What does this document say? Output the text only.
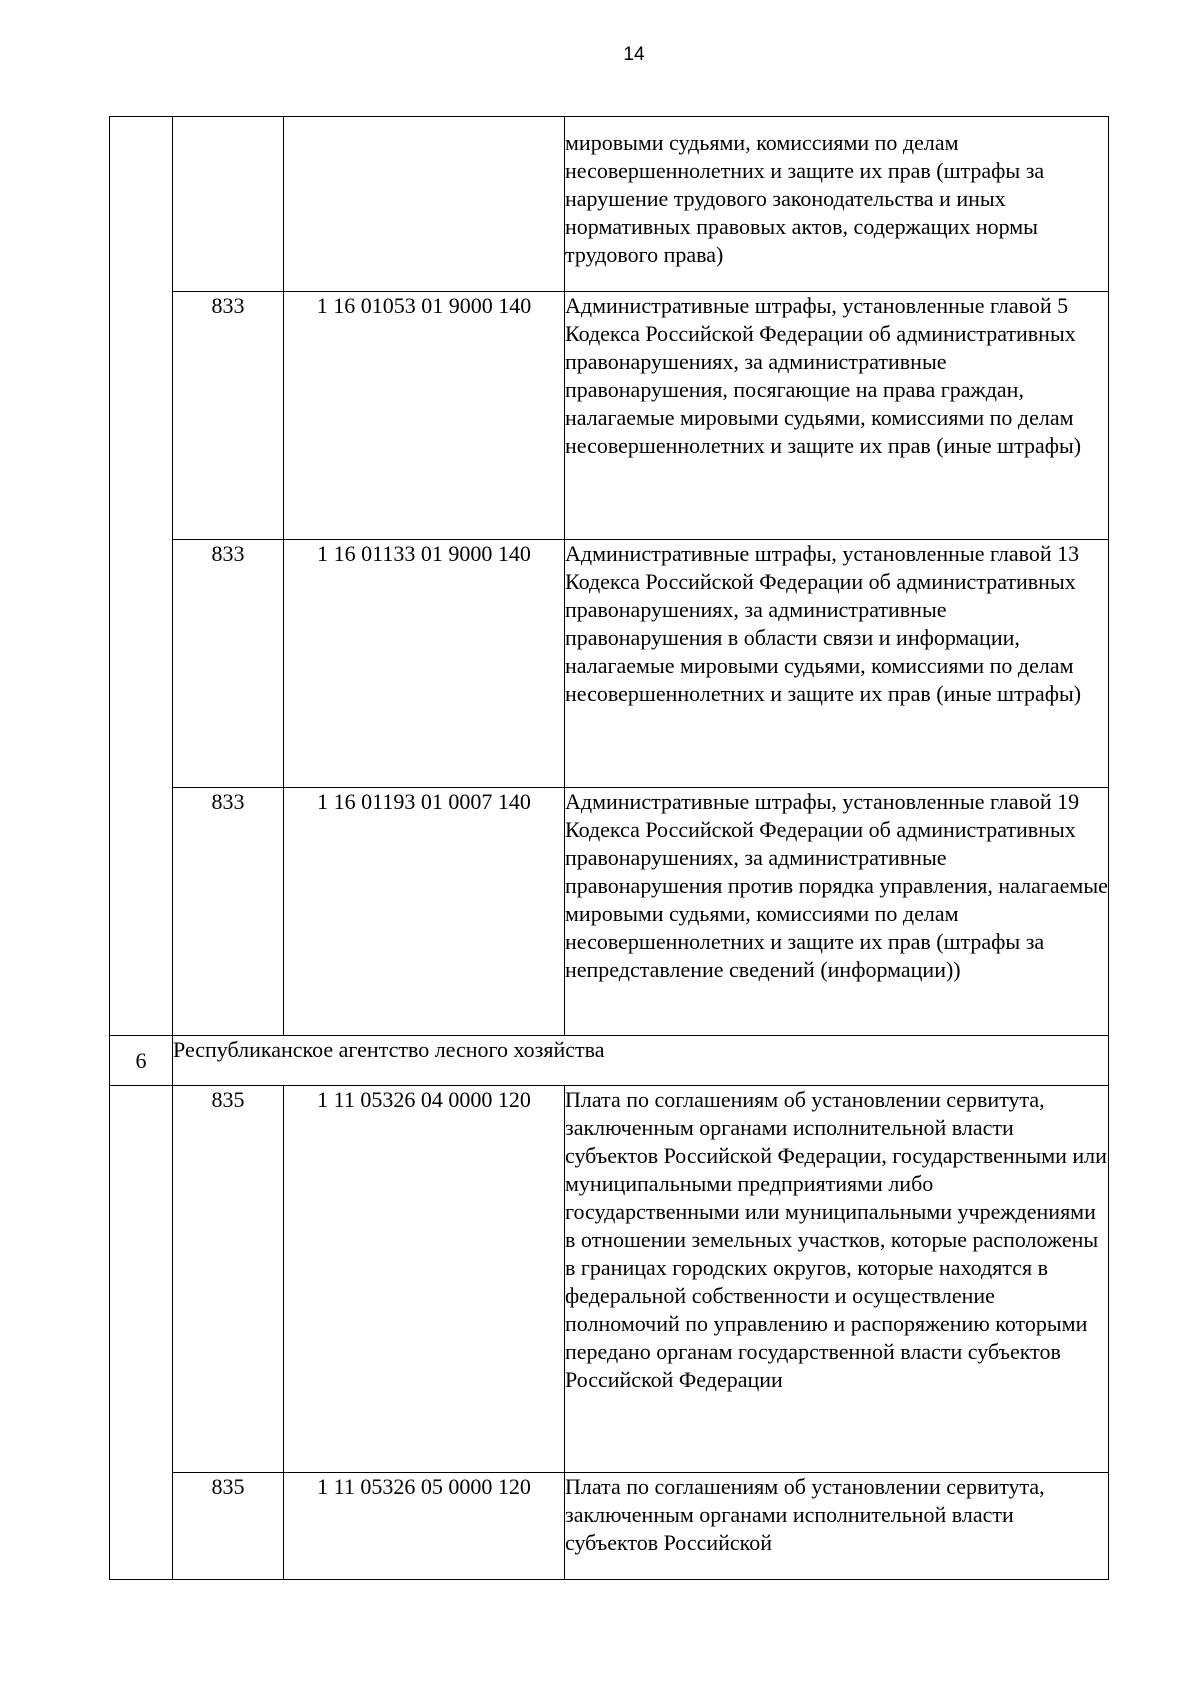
14
			мировыми судьями, комиссиями по делам несовершеннолетних и защите их прав (штрафы за нарушение трудового законодательства и иных нормативных правовых актов, содержащих нормы трудового права)
	833	1 16 01053 01 9000 140	Административные штрафы, установленные главой 5 Кодекса Российской Федерации об административных правонарушениях, за административные правонарушения, посягающие на права граждан, налагаемые мировыми судьями, комиссиями по делам несовершеннолетних и защите их прав (иные штрафы)
	833	1 16 01133 01 9000 140	Административные штрафы, установленные главой 13 Кодекса Российской Федерации об административных правонарушениях, за административные правонарушения в области связи и информации, налагаемые мировыми судьями, комиссиями по делам несовершеннолетних и защите их прав (иные штрафы)
	833	1 16 01193 01 0007 140	Административные штрафы, установленные главой 19 Кодекса Российской Федерации об административных правонарушениях, за административные правонарушения против порядка управления, налагаемые мировыми судьями, комиссиями по делам несовершеннолетних и защите их прав (штрафы за непредставление сведений (информации))
6	Республиканское агентство лесного хозяйства		
	835	1 11 05326 04 0000 120	Плата по соглашениям об установлении сервитута, заключенным органами исполнительной власти субъектов Российской Федерации, государственными или муниципальными предприятиями либо государственными или муниципальными учреждениями в отношении земельных участков, которые расположены в границах городских округов, которые находятся в федеральной собственности и осуществление полномочий по управлению и распоряжению которыми передано органам государственной власти субъектов Российской Федерации
	835	1 11 05326 05 0000 120	Плата по соглашениям об установлении сервитута, заключенным органами исполнительной власти субъектов Российской
